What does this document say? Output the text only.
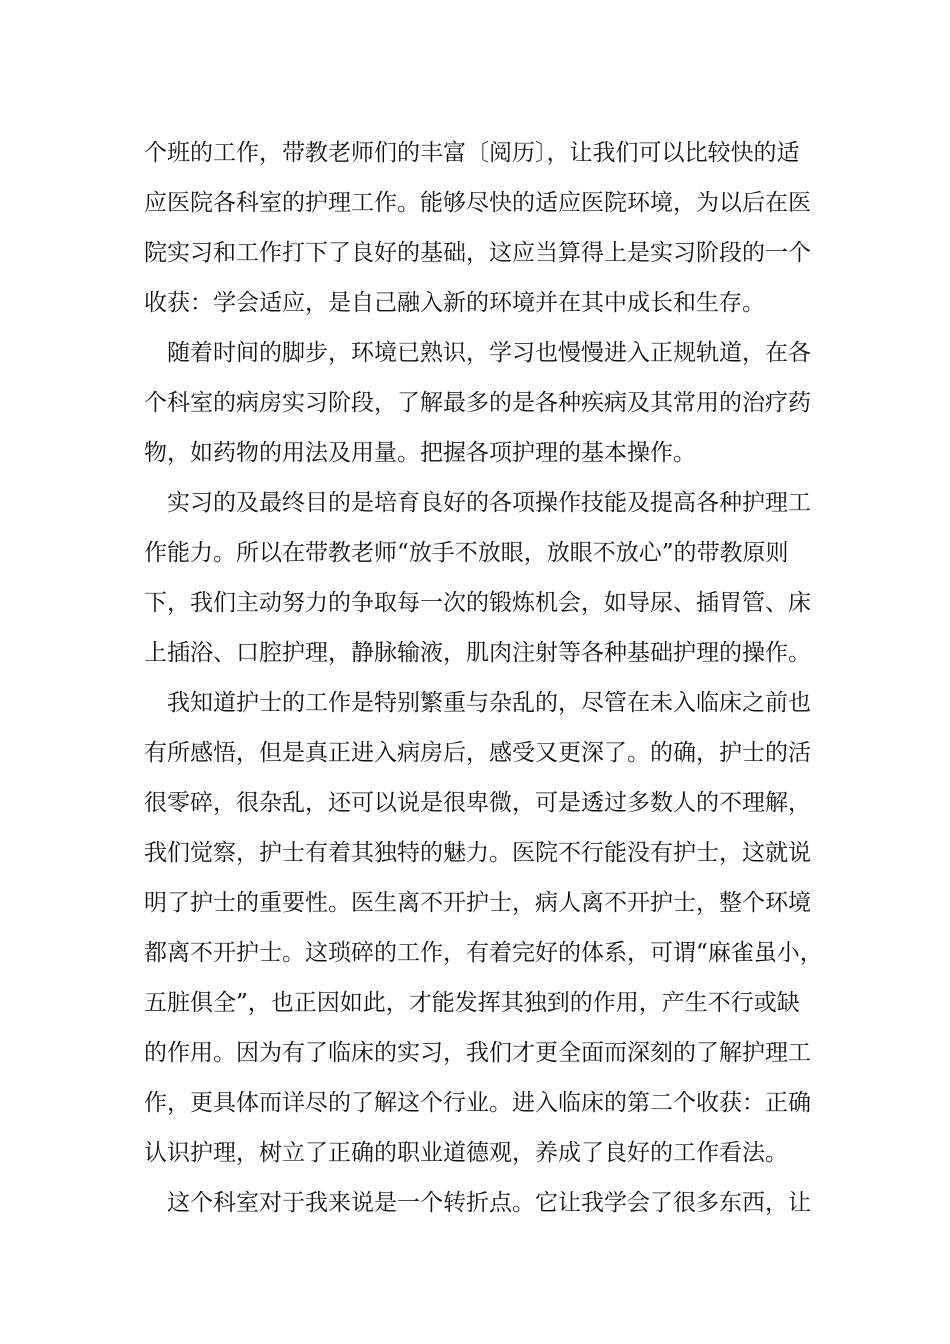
个班的工作，带教老师们的丰富〔阅历〕，让我们可以比较快的适
应医院各科室的护理工作。能够尽快的适应医院环境，为以后在医
院实习和工作打下了良好的基础，这应当算得上是实习阶段的一个
收获：学会适应，是自己融入新的环境并在其中成长和生存。
随着时间的脚步，环境已熟识，学习也慢慢进入正规轨道，在各
个科室的病房实习阶段，了解最多的是各种疾病及其常用的治疗药
物，如药物的用法及用量。把握各项护理的基本操作。
实习的及最终目的是培育良好的各项操作技能及提高各种护理工
作能力。所以在带教老师“放手不放眼，放眼不放心”的带教原则
下，我们主动努力的争取每一次的锻炼机会，如导尿、插胃管、床
上插浴、口腔护理，静脉输液，肌肉注射等各种基础护理的操作。
我知道护士的工作是特别繁重与杂乱的，尽管在未入临床之前也
有所感悟，但是真正进入病房后，感受又更深了。的确，护士的活
很零碎，很杂乱，还可以说是很卑微，可是透过多数人的不理解，
我们觉察，护士有着其独特的魅力。医院不行能没有护士，这就说
明了护士的重要性。医生离不开护士，病人离不开护士，整个环境
都离不开护士。这琐碎的工作，有着完好的体系，可谓“麻雀虽小，
五脏俱全”，也正因如此，才能发挥其独到的作用，产生不行或缺
的作用。因为有了临床的实习，我们才更全面而深刻的了解护理工
作，更具体而详尽的了解这个行业。进入临床的第二个收获：正确
认识护理，树立了正确的职业道德观，养成了良好的工作看法。
这个科室对于我来说是一个转折点。它让我学会了很多东西，让
